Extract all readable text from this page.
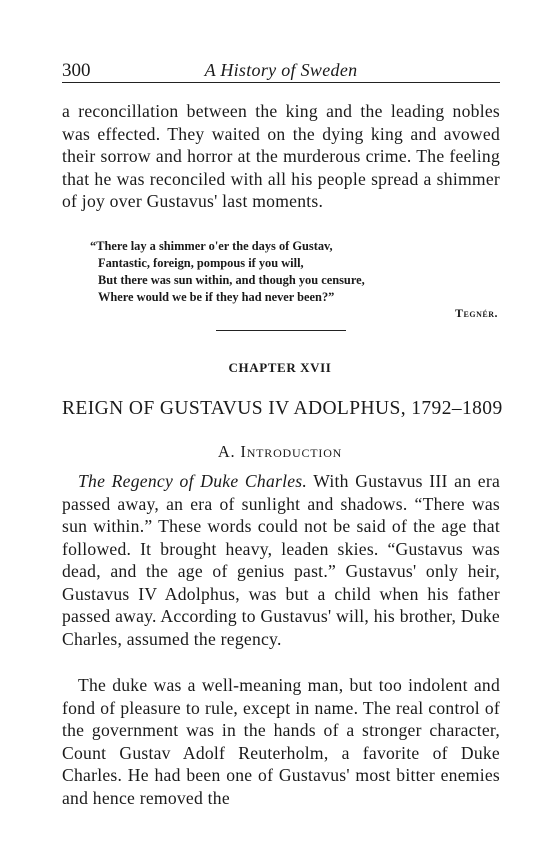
300	A History of Sweden

a reconcillation between the king and the leading nobles was effected. They waited on the dying king and avowed their sorrow and horror at the murderous crime. The feeling that he was reconciled with all his people spread a shimmer of joy over Gustavus' last moments.

“There lay a shimmer o'er the days of Gustav,
Fantastic, foreign, pompous if you will,
But there was sun within, and though you censure,
Where would we be if they had never been?”
Tegnér.
CHAPTER XVII
REIGN OF GUSTAVUS IV ADOLPHUS, 1792–1809
A. Introduction

The Regency of Duke Charles. With Gustavus III an era passed away, an era of sunlight and shadows. “There was sun within.” These words could not be said of the age that followed. It brought heavy, leaden skies. “Gustavus was dead, and the age of genius past.” Gustavus' only heir, Gustavus IV Adolphus, was but a child when his father passed away. According to Gustavus' will, his brother, Duke Charles, assumed the regency.

The duke was a well-meaning man, but too indolent and fond of pleasure to rule, except in name. The real control of the government was in the hands of a stronger character, Count Gustav Adolf Reuterholm, a favorite of Duke Charles. He had been one of Gustavus' most bitter enemies and hence removed the
